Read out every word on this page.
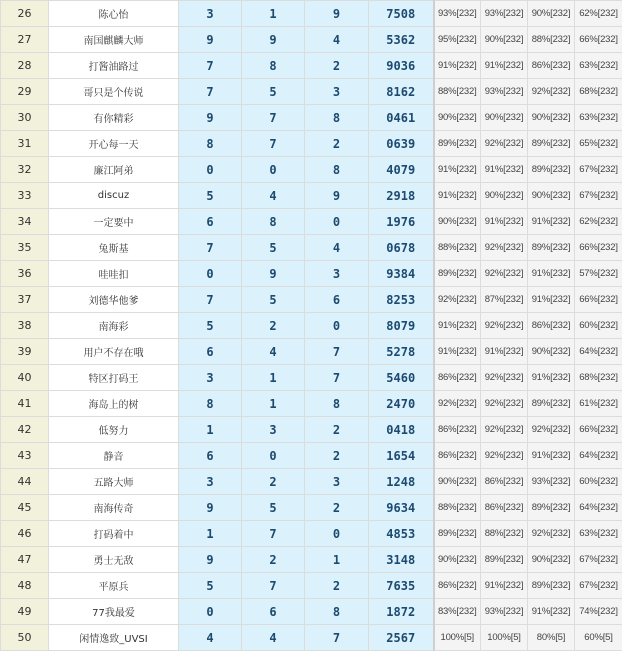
26	陈心怡	3	1	9	7508	93%[232]	93%[232]	90%[232]	62%[232]
27	南国麒麟大师	9	9	4	5362	95%[232]	90%[232]	88%[232]	66%[232]
28	打酱油路过	7	8	2	9036	91%[232]	91%[232]	86%[232]	63%[232]
29	哥只是个传说	7	5	3	8162	88%[232]	93%[232]	92%[232]	68%[232]
30	有你精彩	9	7	8	0461	90%[232]	90%[232]	90%[232]	63%[232]
31	开心每一天	8	7	2	0639	89%[232]	92%[232]	89%[232]	65%[232]
32	廉江阿弟	0	0	8	4079	91%[232]	91%[232]	89%[232]	67%[232]
33	discuz	5	4	9	2918	91%[232]	90%[232]	90%[232]	67%[232]
34	一定要中	6	8	0	1976	90%[232]	91%[232]	91%[232]	62%[232]
35	兔斯基	7	5	4	0678	88%[232]	92%[232]	89%[232]	66%[232]
36	哇哇扣	0	9	3	9384	89%[232]	92%[232]	91%[232]	57%[232]
37	刘德华他爹	7	5	6	8253	92%[232]	87%[232]	91%[232]	66%[232]
38	南海彩	5	2	0	8079	91%[232]	92%[232]	86%[232]	60%[232]
39	用户不存在哦	6	4	7	5278	91%[232]	91%[232]	90%[232]	64%[232]
40	特区打码王	3	1	7	5460	86%[232]	92%[232]	91%[232]	68%[232]
41	海岛上的树	8	1	8	2470	92%[232]	92%[232]	89%[232]	61%[232]
42	低努力	1	3	2	0418	86%[232]	92%[232]	92%[232]	66%[232]
43	静音	6	0	2	1654	86%[232]	92%[232]	91%[232]	64%[232]
44	五路大师	3	2	3	1248	90%[232]	86%[232]	93%[232]	60%[232]
45	南海传奇	9	5	2	9634	88%[232]	86%[232]	89%[232]	64%[232]
46	打码着中	1	7	0	4853	89%[232]	88%[232]	92%[232]	63%[232]
47	勇士无敌	9	2	1	3148	90%[232]	89%[232]	90%[232]	67%[232]
48	平原兵	5	7	2	7635	86%[232]	91%[232]	89%[232]	67%[232]
49	77我最爱	0	6	8	1872	83%[232]	93%[232]	91%[232]	74%[232]
50	闲情逸致_UVSI	4	4	7	2567	100%[5]	100%[5]	80%[5]	60%[5]
